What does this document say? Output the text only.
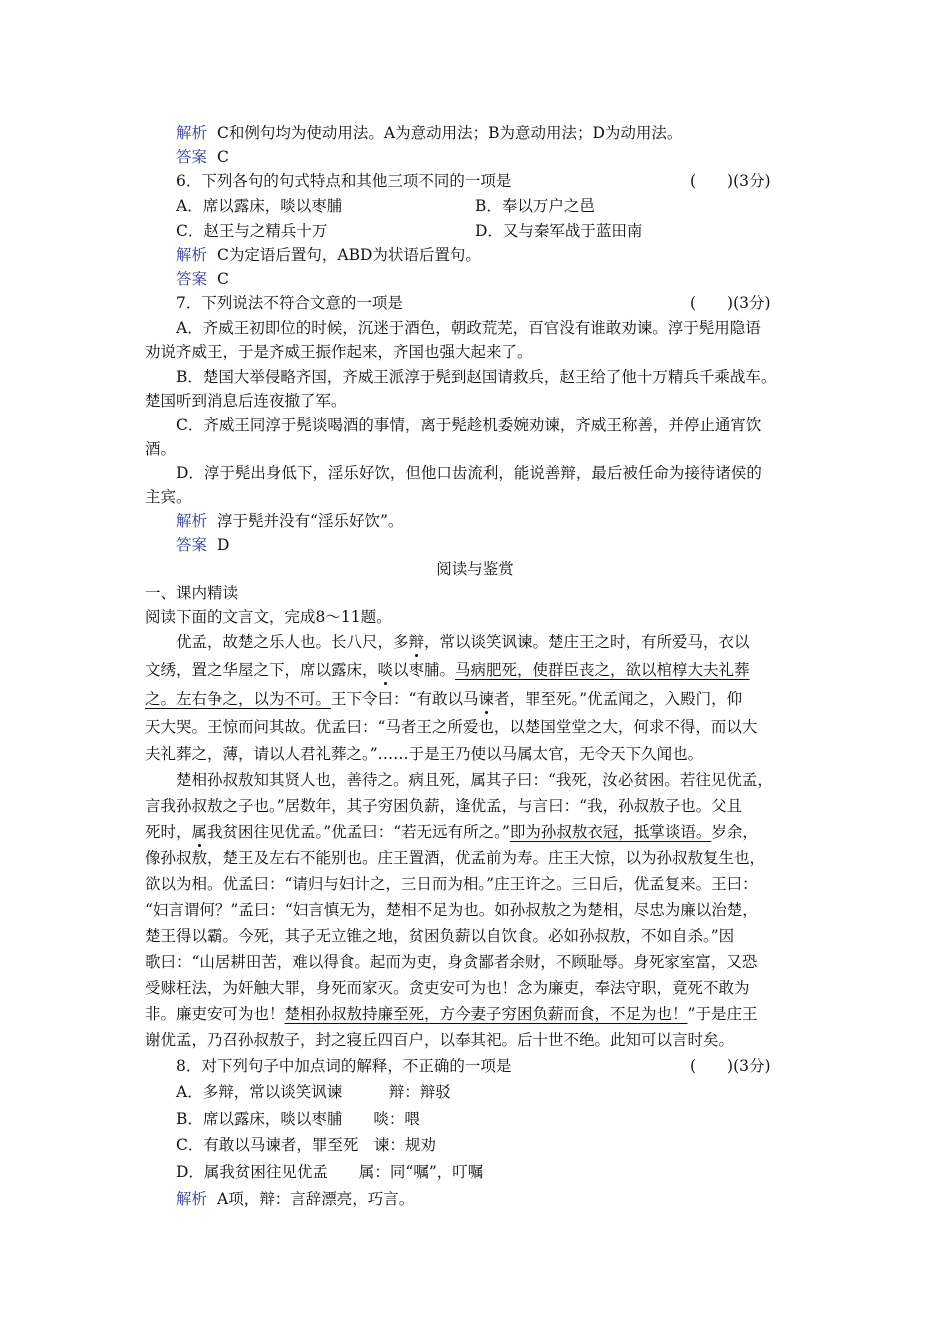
解析 C和例句均为使动用法。A为意动用法；B为意动用法；D为动用法。
答案 C
6．下列各句的句式特点和其他三项不同的一项是	(　　)(3分)
A．席以露床，啖以枣脯	B．奉以万户之邑
C．赵王与之精兵十万	D．又与秦军战于蓝田南
解析 C为定语后置句，ABD为状语后置句。
答案 C
7．下列说法不符合文意的一项是	(　　)(3分)
A．齐威王初即位的时候，沉迷于酒色，朝政荒芜，百官没有谁敢劝谏。淳于髡用隐语
劝说齐威王，于是齐威王振作起来，齐国也强大起来了。
B．楚国大举侵略齐国，齐威王派淳于髡到赵国请救兵，赵王给了他十万精兵千乘战车。
楚国听到消息后连夜撤了军。
C．齐威王同淳于髡谈喝酒的事情，离于髡趁机委婉劝谏，齐威王称善，并停止通宵饮
酒。
D．淳于髡出身低下，淫乐好饮，但他口齿流利，能说善辩，最后被任命为接待诸侯的
主宾。
解析 淳于髡并没有“淫乐好饮”。
答案 D
阅读与鉴赏
一、课内精读
阅读下面的文言文，完成8～11题。
优孟，故楚之乐人也。长八尺，多辩，常以谈笑讽谏。楚庄王之时，有所爱马，衣以
文绣，置之华屋之下，席以露床，啖以枣脯。马病肥死，使群臣丧之，欲以棺椁大夫礼葬
之。左右争之，以为不可。王下令曰：“有敢以马谏者，罪至死。”优孟闻之，入殿门，仰
天大哭。王惊而问其故。优孟曰：“马者王之所爱也，以楚国堂堂之大，何求不得，而以大
夫礼葬之，薄，请以人君礼葬之。”……于是王乃使以马属太官，无令天下久闻也。
楚相孙叔敖知其贤人也，善待之。病且死，属其子曰：“我死，汝必贫困。若往见优孟，
言我孙叔敖之子也。”居数年，其子穷困负薪，逢优孟，与言曰：“我，孙叔敖子也。父且
死时，属我贫困往见优孟。”优孟曰：“若无远有所之。”即为孙叔敖衣冠，抵掌谈语。岁余，
像孙叔敖，楚王及左右不能别也。庄王置酒，优孟前为寿。庄王大惊，以为孙叔敖复生也，
欲以为相。优孟曰：“请归与妇计之，三日而为相。”庄王许之。三日后，优孟复来。王曰：
“妇言谓何？”孟曰：“妇言慎无为，楚相不足为也。如孙叔敖之为楚相，尽忠为廉以治楚，
楚王得以霸。今死，其子无立锥之地，贫困负薪以自饮食。必如孙叔敖，不如自杀。”因
歌曰：“山居耕田苦，难以得食。起而为吏，身贪鄙者余财，不顾耻辱。身死家室富，又恐
受赇枉法，为奸触大罪，身死而家灭。贪吏安可为也！念为廉吏，奉法守职，竟死不敢为
非。廉吏安可为也！楚相孙叔敖持廉至死，方今妻子穷困负薪而食，不足为也！”于是庄王
谢优孟，乃召孙叔敖子，封之寝丘四百户，以奉其祀。后十世不绝。此知可以言时矣。
8．对下列句子中加点词的解释，不正确的一项是	(　　)(3分)
A．多辩，常以谈笑讽谏　　　辩：辩驳
B．席以露床，啖以枣脯　　啖：喂
C．有敢以马谏者，罪至死　谏：规劝
D．属我贫困往见优孟　　属：同“嘱”，叮嘱
解析 A项，辩：言辞漂亮，巧言。
